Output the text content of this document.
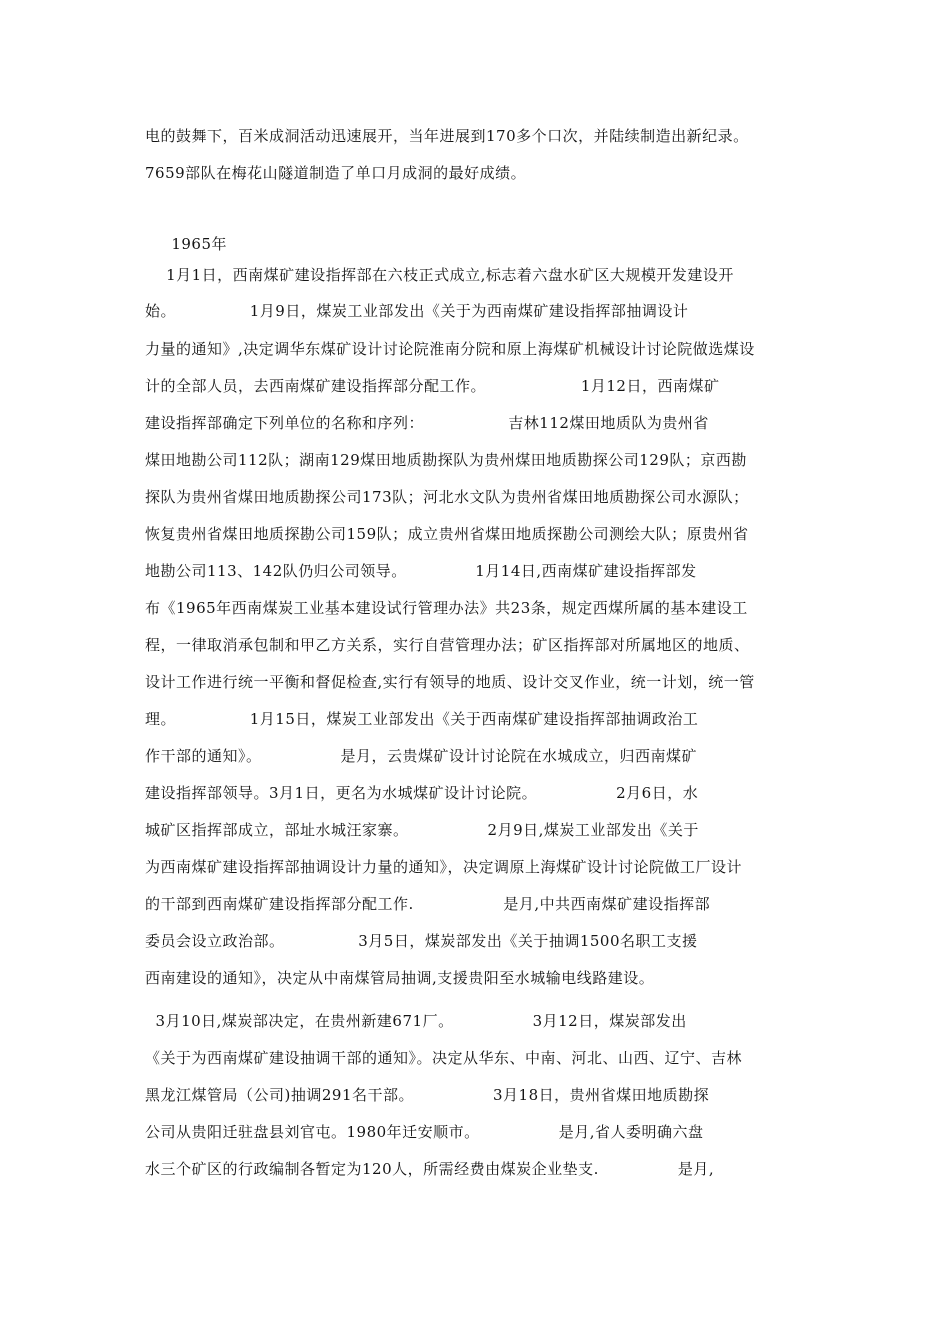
电的鼓舞下，百米成洞活动迅速展开，当年进展到170多个口次，并陆续制造出新纪录。
7659部队在梅花山隧道制造了单口月成洞的最好成绩。
1965年
1月1日，西南煤矿建设指挥部在六枝正式成立,标志着六盘水矿区大规模开发建设开
始。              1月9日，煤炭工业部发出《关于为西南煤矿建设指挥部抽调设计
力量的通知》,决定调华东煤矿设计讨论院淮南分院和原上海煤矿机械设计讨论院做选煤设
计的全部人员，去西南煤矿建设指挥部分配工作。                  1月12日，西南煤矿
建设指挥部确定下列单位的名称和序列：                吉林112煤田地质队为贵州省
煤田地勘公司112队；湖南129煤田地质勘探队为贵州煤田地质勘探公司129队；京西勘
探队为贵州省煤田地质勘探公司173队；河北水文队为贵州省煤田地质勘探公司水源队；
恢复贵州省煤田地质探勘公司159队；成立贵州省煤田地质探勘公司测绘大队；原贵州省
地勘公司113、142队仍归公司领导。             1月14日,西南煤矿建设指挥部发
布《1965年西南煤炭工业基本建设试行管理办法》共23条，规定西煤所属的基本建设工
程，一律取消承包制和甲乙方关系，实行自营管理办法；矿区指挥部对所属地区的地质、
设计工作进行统一平衡和督促检查,实行有领导的地质、设计交叉作业，统一计划，统一管
理。              1月15日，煤炭工业部发出《关于西南煤矿建设指挥部抽调政治工
作干部的通知》。               是月，云贵煤矿设计讨论院在水城成立，归西南煤矿
建设指挥部领导。3月1日，更名为水城煤矿设计讨论院。               2月6日，水
城矿区指挥部成立，部址水城汪家寨。               2月9日,煤炭工业部发出《关于
为西南煤矿建设指挥部抽调设计力量的通知》，决定调原上海煤矿设计讨论院做工厂设计
的干部到西南煤矿建设指挥部分配工作.                 是月,中共西南煤矿建设指挥部
委员会设立政治部。              3月5日，煤炭部发出《关于抽调1500名职工支援
西南建设的通知》，决定从中南煤管局抽调,支援贵阳至水城输电线路建设。
3月10日,煤炭部决定，在贵州新建671厂。               3月12日，煤炭部发出
《关于为西南煤矿建设抽调干部的通知》。决定从华东、中南、河北、山西、辽宁、吉林
黑龙江煤管局（公司)抽调291名干部。               3月18日，贵州省煤田地质勘探
公司从贵阳迁驻盘县刘官屯。1980年迁安顺市。               是月,省人委明确六盘
水三个矿区的行政编制各暂定为120人，所需经费由煤炭企业垫支.               是月,
